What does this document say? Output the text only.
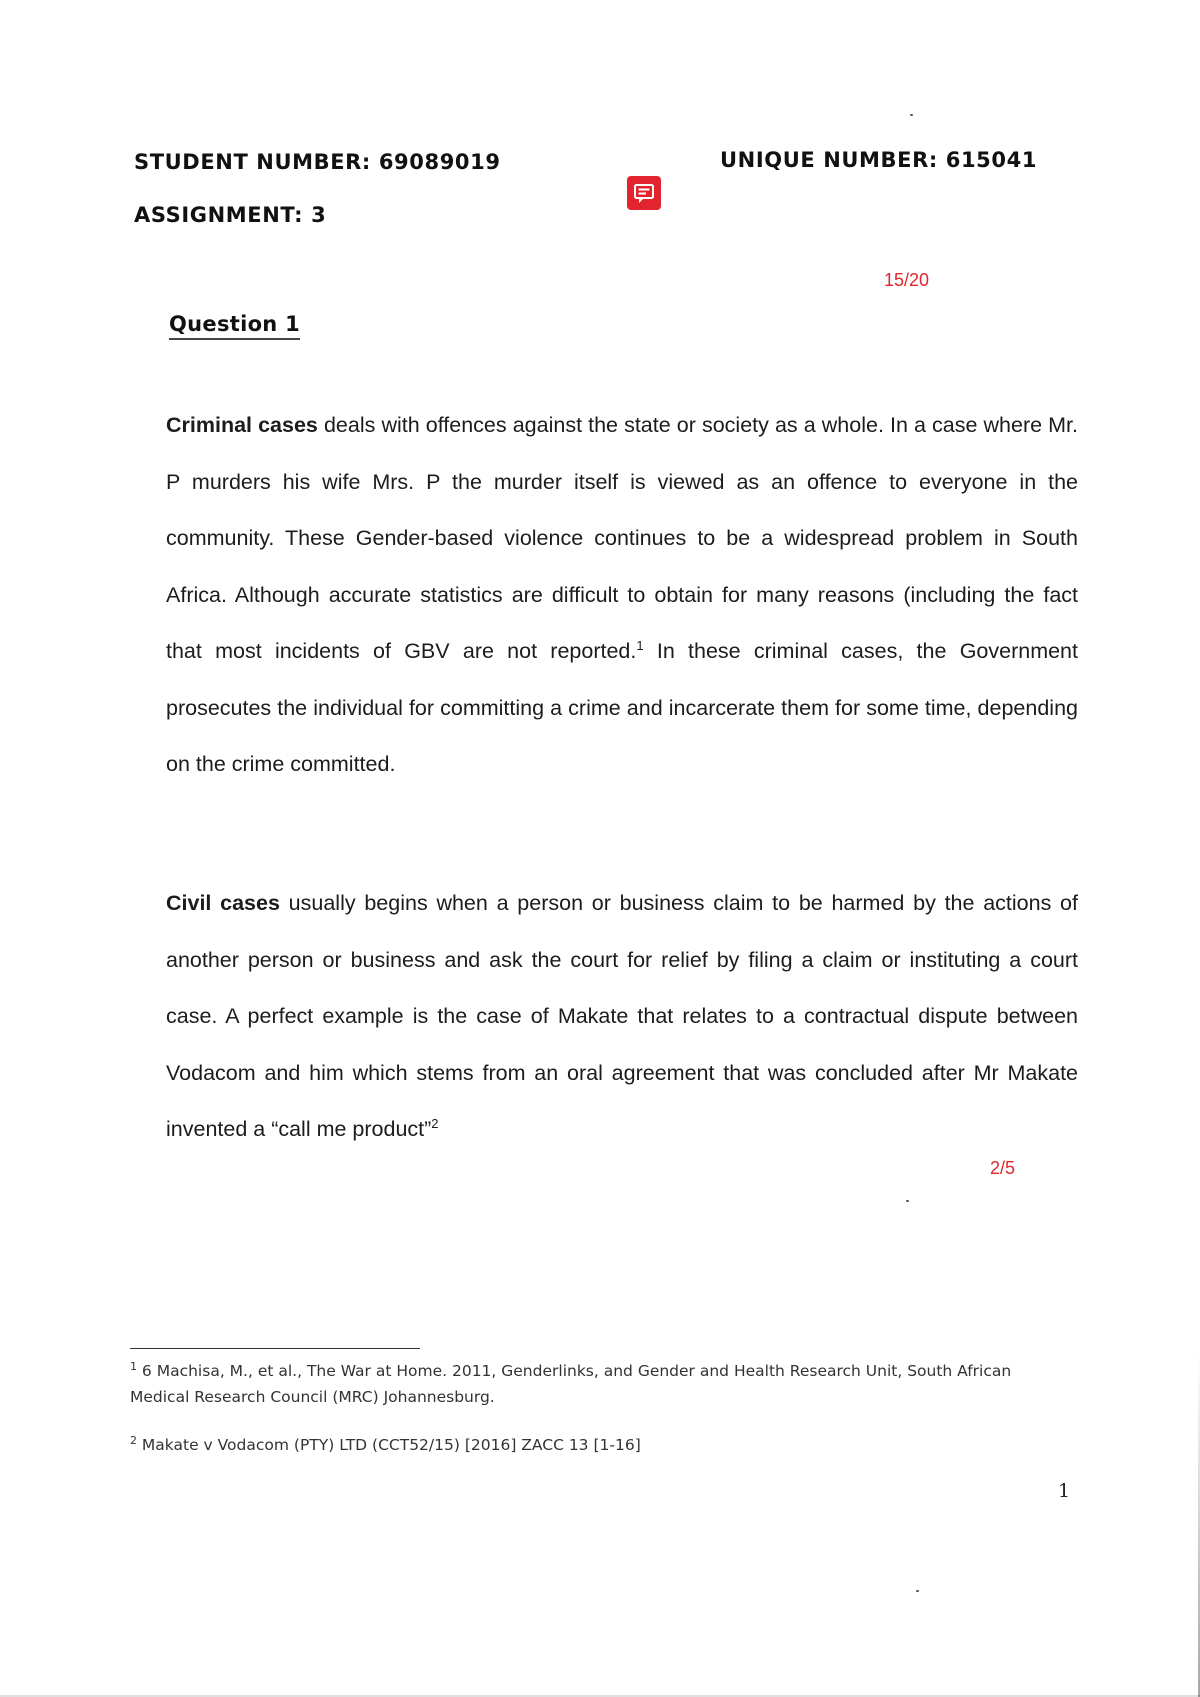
STUDENT NUMBER: 69089019	UNIQUE NUMBER: 615041
ASSIGNMENT: 3
15/20
Question 1
Criminal cases deals with offences against the state or society as a whole. In a case where Mr. P murders his wife Mrs. P the murder itself is viewed as an offence to everyone in the community. These Gender-based violence continues to be a widespread problem in South Africa. Although accurate statistics are difficult to obtain for many reasons (including the fact that most incidents of GBV are not reported.$^1$ In these criminal cases, the Government prosecutes the individual for committing a crime and incarcerate them for some time, depending on the crime committed.
Civil cases usually begins when a person or business claim to be harmed by the actions of another person or business and ask the court for relief by filing a claim or instituting a court case. A perfect example is the case of Makate that relates to a contractual dispute between Vodacom and him which stems from an oral agreement that was concluded after Mr Makate invented a “call me product”$^2$
2/5
$^1$ 6 Machisa, M., et al., The War at Home. 2011, Genderlinks, and Gender and Health Research Unit, South African Medical Research Council (MRC) Johannesburg.
$^2$ Makate v Vodacom (PTY) LTD (CCT52/15) [2016] ZACC 13 [1-16]
1
